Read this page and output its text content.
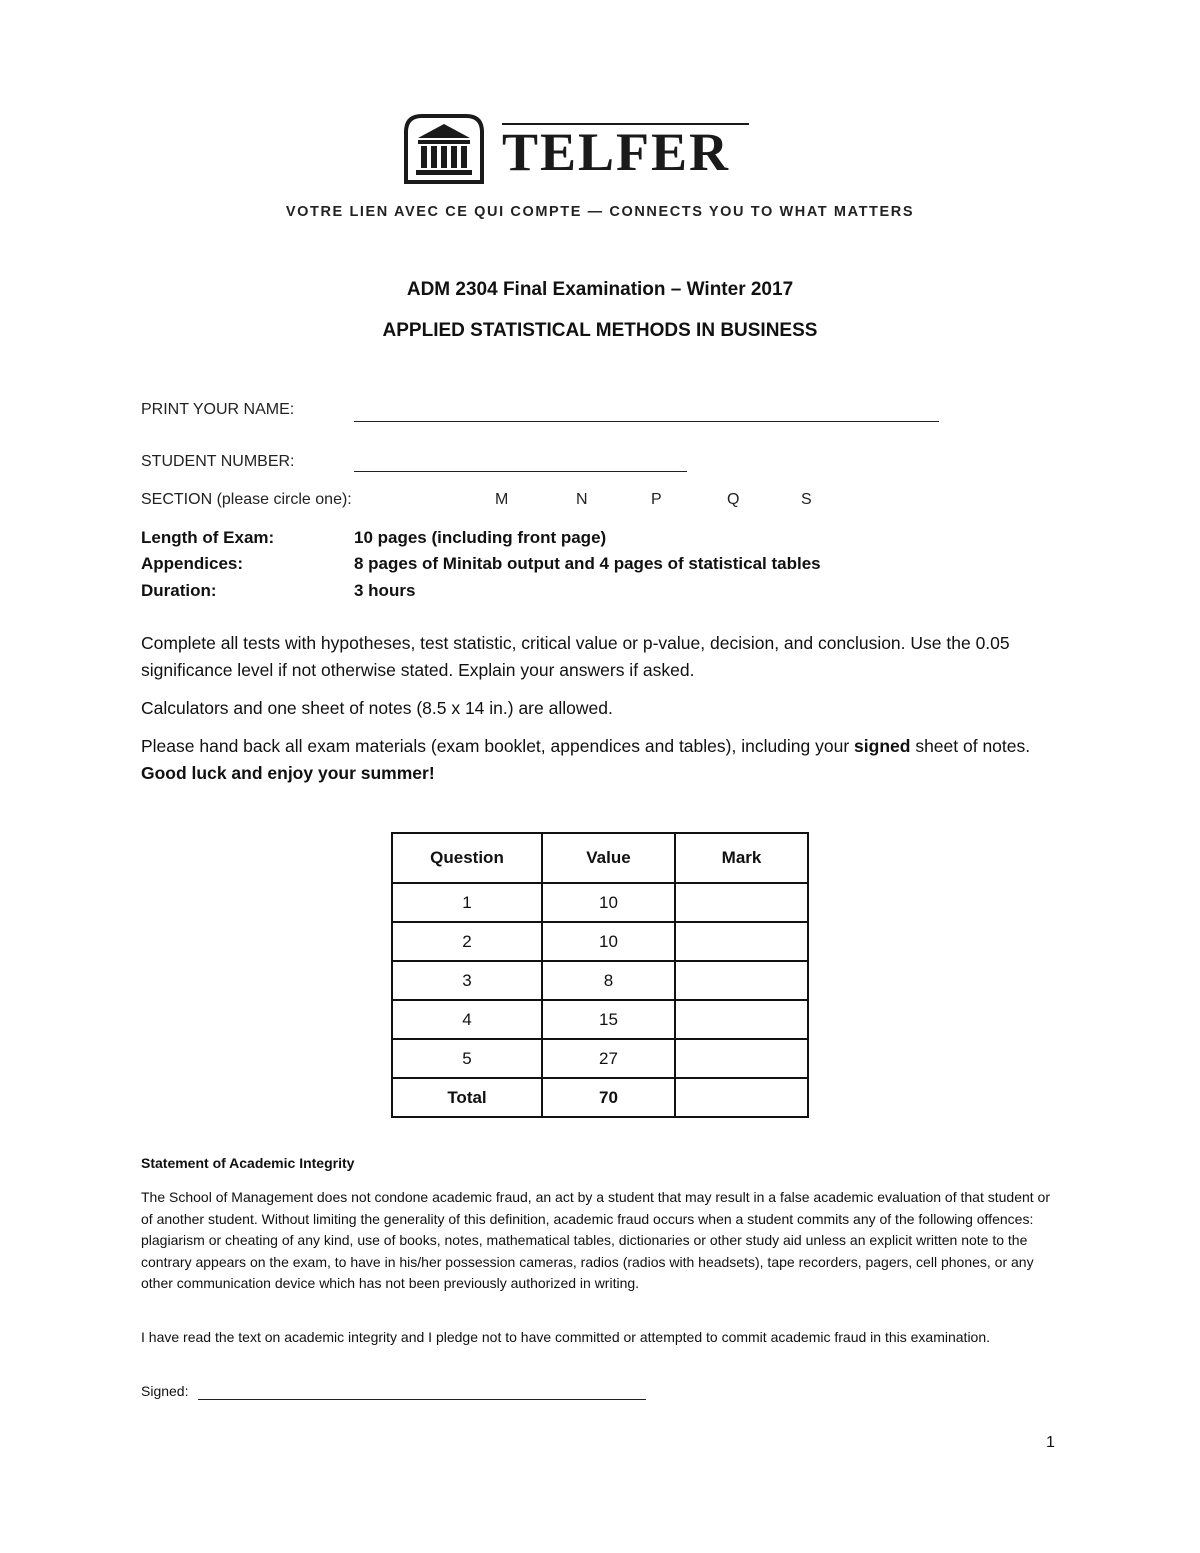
TELFER
VOTRE LIEN AVEC CE QUI COMPTE — CONNECTS YOU TO WHAT MATTERS
ADM 2304 Final Examination – Winter 2017
APPLIED STATISTICAL METHODS IN BUSINESS
PRINT YOUR NAME:
STUDENT NUMBER:
SECTION (please circle one):	M	N	P	Q	S
Length of Exam:	10 pages (including front page)
Appendices:	8 pages of Minitab output and 4 pages of statistical tables
Duration:	3 hours
Complete all tests with hypotheses, test statistic, critical value or p-value, decision, and conclusion. Use the 0.05 significance level if not otherwise stated. Explain your answers if asked.
Calculators and one sheet of notes (8.5 x 14 in.) are allowed.
Please hand back all exam materials (exam booklet, appendices and tables), including your signed sheet of notes. Good luck and enjoy your summer!
Question	Value	Mark
1	10	
2	10	
3	8	
4	15	
5	27	
Total	70	
Statement of Academic Integrity
The School of Management does not condone academic fraud, an act by a student that may result in a false academic evaluation of that student or of another student. Without limiting the generality of this definition, academic fraud occurs when a student commits any of the following offences: plagiarism or cheating of any kind, use of books, notes, mathematical tables, dictionaries or other study aid unless an explicit written note to the contrary appears on the exam, to have in his/her possession cameras, radios (radios with headsets), tape recorders, pagers, cell phones, or any other communication device which has not been previously authorized in writing.
I have read the text on academic integrity and I pledge not to have committed or attempted to commit academic fraud in this examination.
Signed:
1
